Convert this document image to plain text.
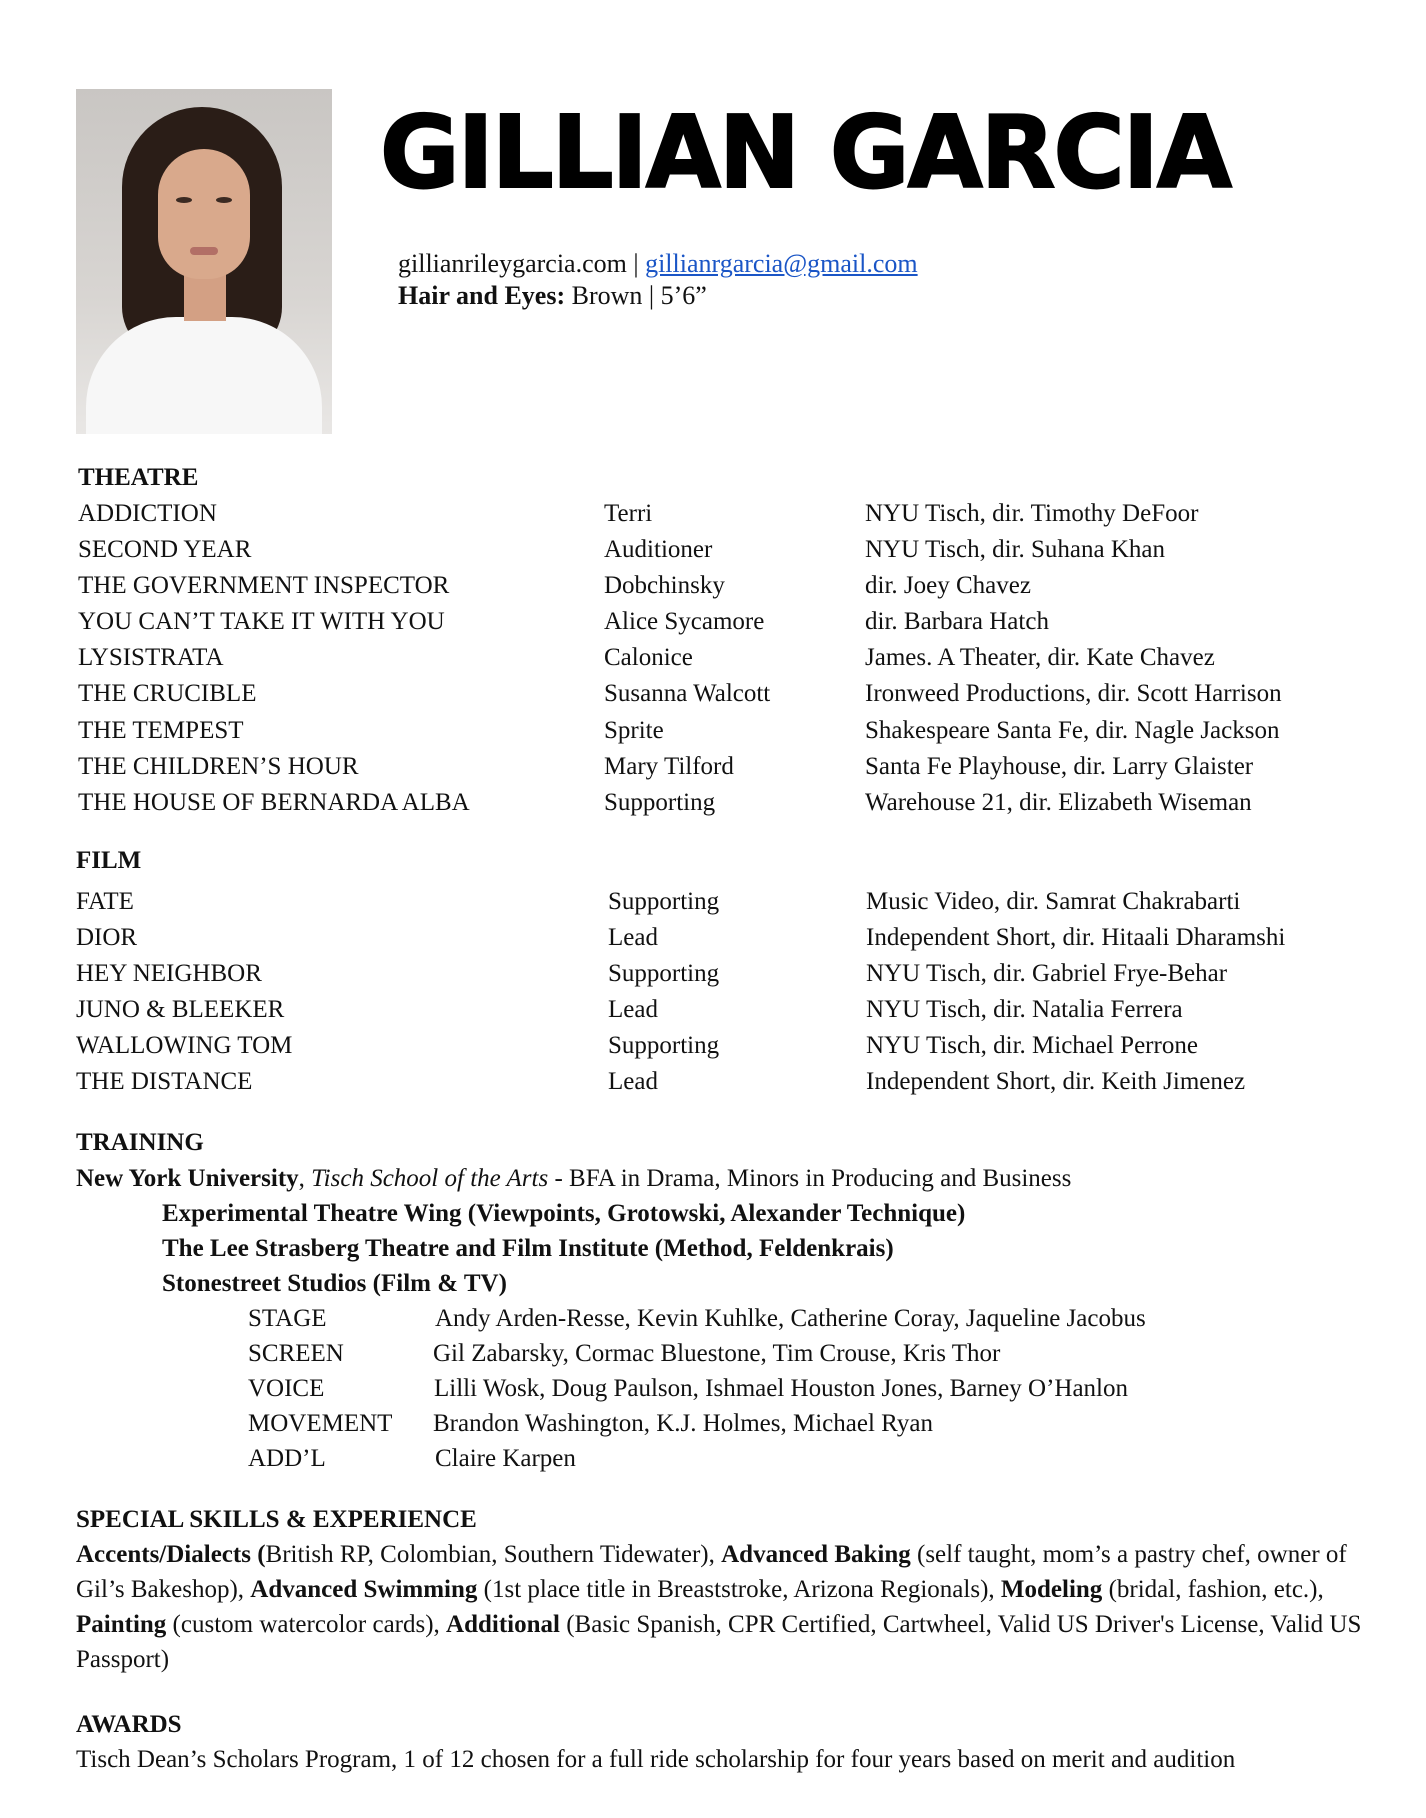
GILLIAN GARCIA
gillianrileygarcia.com | gillianrgarcia@gmail.com
Hair and Eyes: Brown | 5’6”
THEATRE
ADDICTION	Terri	NYU Tisch, dir. Timothy DeFoor
SECOND YEAR	Auditioner	NYU Tisch, dir. Suhana Khan
THE GOVERNMENT INSPECTOR	Dobchinsky	dir. Joey Chavez
YOU CAN’T TAKE IT WITH YOU	Alice Sycamore	dir. Barbara Hatch
LYSISTRATA	Calonice	James. A Theater, dir. Kate Chavez
THE CRUCIBLE	Susanna Walcott	Ironweed Productions, dir. Scott Harrison
THE TEMPEST	Sprite	Shakespeare Santa Fe, dir. Nagle Jackson
THE CHILDREN’S HOUR	Mary Tilford	Santa Fe Playhouse, dir. Larry Glaister
THE HOUSE OF BERNARDA ALBA	Supporting	Warehouse 21, dir. Elizabeth Wiseman
FILM
FATE	Supporting	Music Video, dir. Samrat Chakrabarti
DIOR	Lead	Independent Short, dir. Hitaali Dharamshi
HEY NEIGHBOR	Supporting	NYU Tisch, dir. Gabriel Frye-Behar
JUNO & BLEEKER	Lead	NYU Tisch, dir. Natalia Ferrera
WALLOWING TOM	Supporting	NYU Tisch, dir. Michael Perrone
THE DISTANCE	Lead	Independent Short, dir. Keith Jimenez
TRAINING
New York University, Tisch School of the Arts - BFA in Drama, Minors in Producing and Business
Experimental Theatre Wing (Viewpoints, Grotowski, Alexander Technique)
The Lee Strasberg Theatre and Film Institute (Method, Feldenkrais)
Stonestreet Studios (Film & TV)
STAGE	Andy Arden-Resse, Kevin Kuhlke, Catherine Coray, Jaqueline Jacobus
SCREEN	Gil Zabarsky, Cormac Bluestone, Tim Crouse, Kris Thor
VOICE	Lilli Wosk, Doug Paulson, Ishmael Houston Jones, Barney O’Hanlon
MOVEMENT Brandon Washington, K.J. Holmes, Michael Ryan
ADD’L	Claire Karpen
SPECIAL SKILLS & EXPERIENCE
Accents/Dialects (British RP, Colombian, Southern Tidewater), Advanced Baking (self taught, mom’s a pastry chef, owner of Gil’s Bakeshop), Advanced Swimming (1st place title in Breaststroke, Arizona Regionals), Modeling (bridal, fashion, etc.), Painting (custom watercolor cards), Additional (Basic Spanish, CPR Certified, Cartwheel, Valid US Driver's License, Valid US Passport)
AWARDS
Tisch Dean’s Scholars Program, 1 of 12 chosen for a full ride scholarship for four years based on merit and audition
